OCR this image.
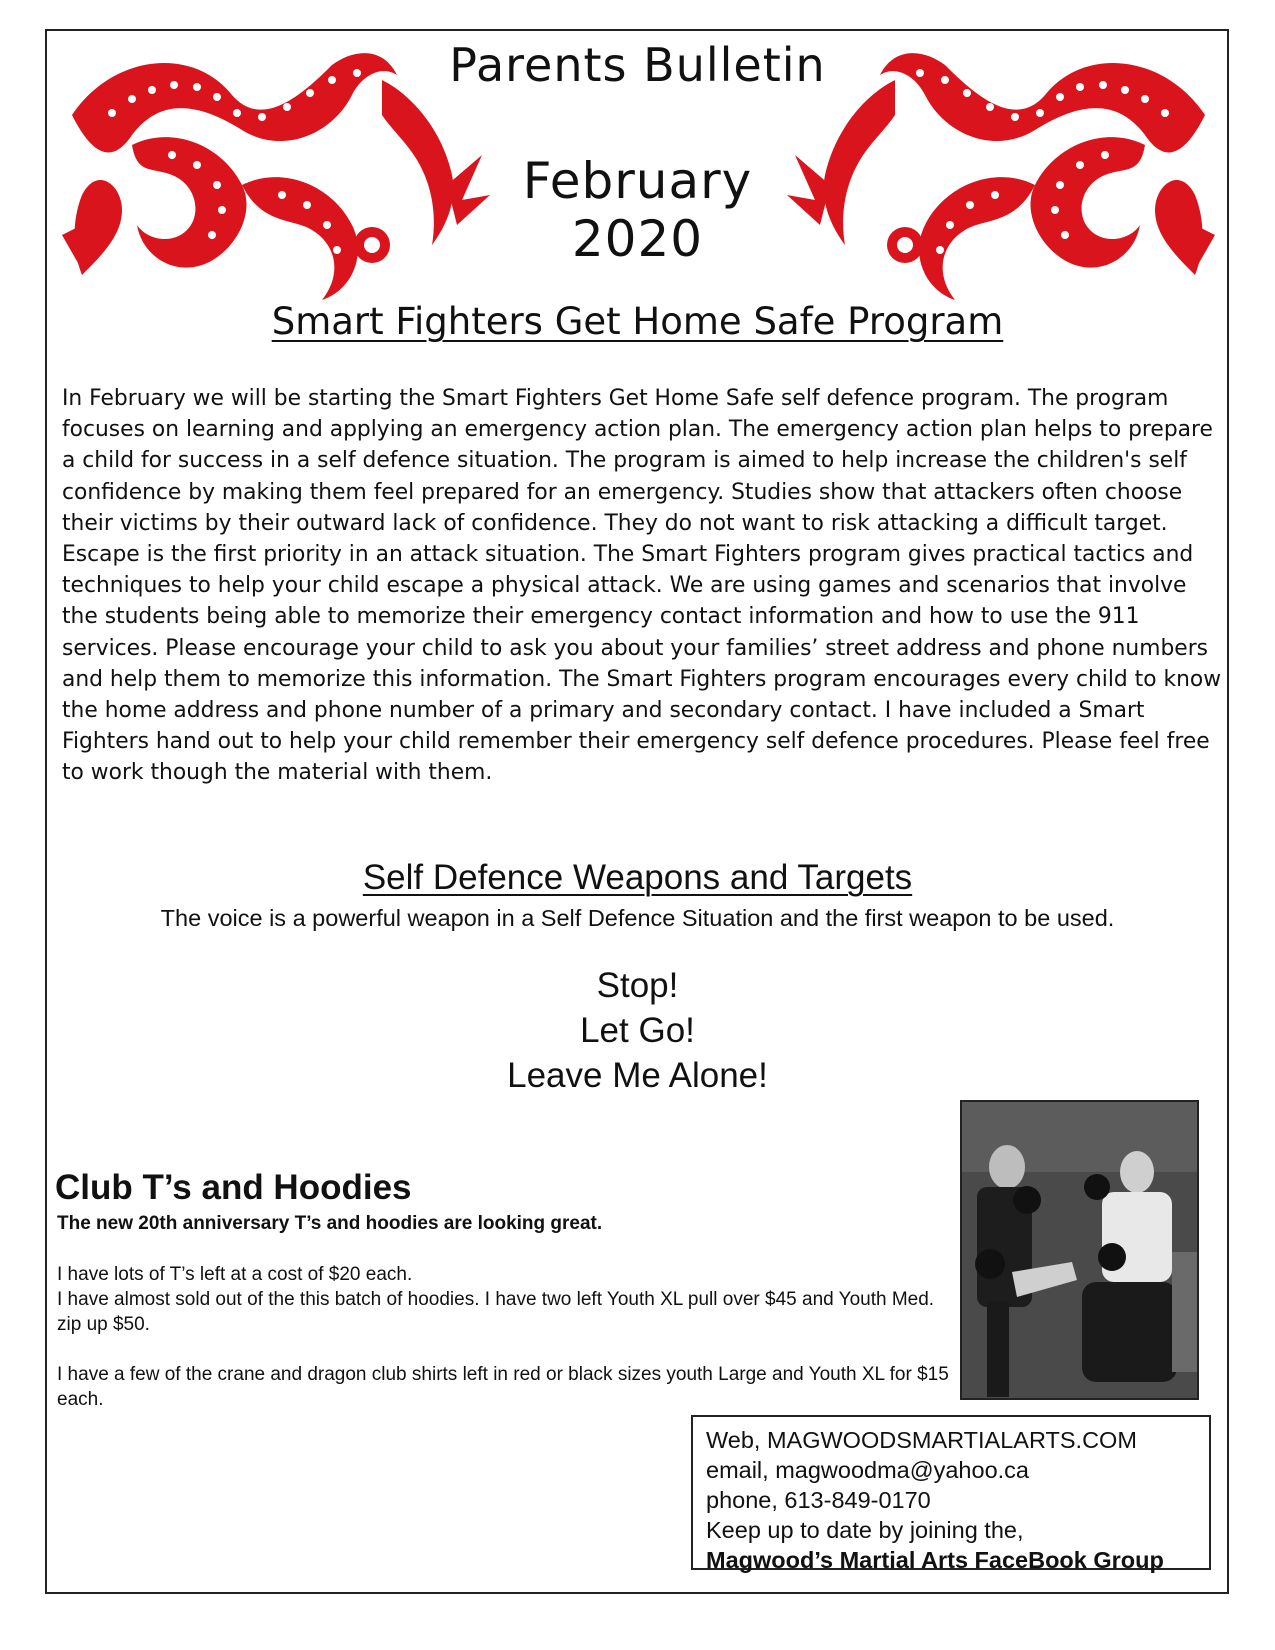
Parents Bulletin
February
2020
Smart Fighters Get Home Safe Program

In February we will be starting the Smart Fighters Get Home Safe self defence program. The program focuses on learning and applying an emergency action plan. The emergency action plan helps to prepare a child for success in a self defence situation. The program is aimed to help increase the children's self confidence by making them feel prepared for an emergency. Studies show that attackers often choose their victims by their outward lack of confidence. They do not want to risk attacking a difficult target.

Escape is the first priority in an attack situation. The Smart Fighters program gives practical tactics and techniques to help your child escape a physical attack. We are using games and scenarios that involve the students being able to memorize their emergency contact information and how to use the 911 services. Please encourage your child to ask you about your families’ street address and phone numbers and help them to memorize this information. The Smart Fighters program encourages every child to know the home address and phone number of a primary and secondary contact. I have included a Smart Fighters hand out to help your child remember their emergency self defence procedures. Please feel free to work though the material with them.

Self Defence Weapons and Targets
The voice is a powerful weapon in a Self Defence Situation and the first weapon to be used.
Stop!
Let Go!
Leave Me Alone!
Club T’s and Hoodies
The new 20th anniversary T’s and hoodies are looking great.

I have lots of T’s left at a cost of $20 each.

I have almost sold out of the this batch of hoodies. I have two left Youth XL pull over $45 and Youth Med. zip up $50.

I have a few of the crane and dragon club shirts left in red or black sizes youth Large and Youth XL for $15 each.

Web, MAGWOODSMARTIALARTS.COM
email, magwoodma@yahoo.ca
phone, 613-849-0170
Keep up to date by joining the,
Magwood’s Martial Arts FaceBook Group
